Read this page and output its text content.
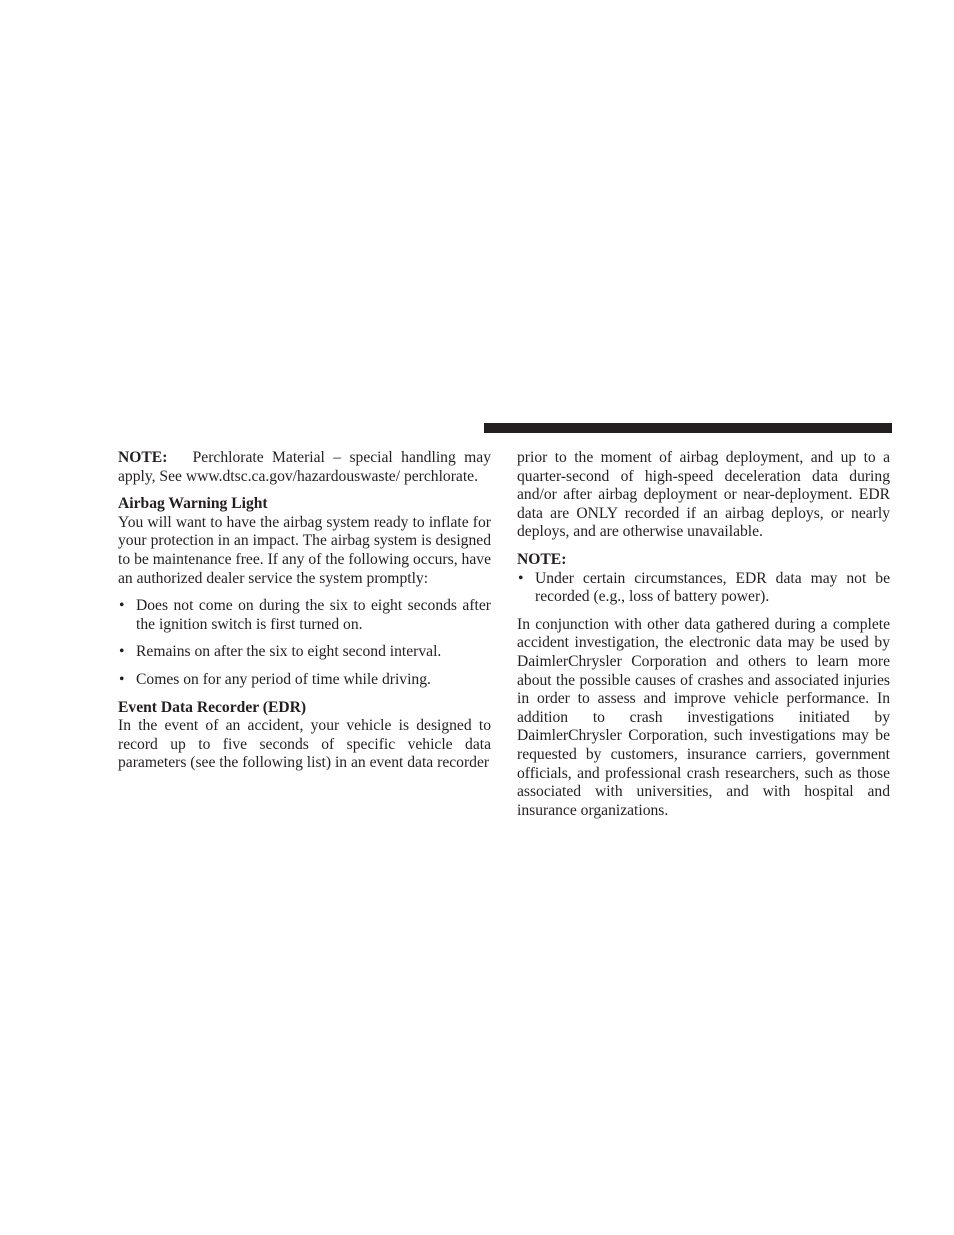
NOTE: Perchlorate Material – special handling may apply, See www.dtsc.ca.gov/hazardouswaste/ perchlorate.

Airbag Warning Light

You will want to have the airbag system ready to inflate for your protection in an impact. The airbag system is designed to be maintenance free. If any of the following occurs, have an authorized dealer service the system promptly:

• Does not come on during the six to eight seconds after the ignition switch is first turned on.
• Remains on after the six to eight second interval.
• Comes on for any period of time while driving.
Event Data Recorder (EDR)

In the event of an accident, your vehicle is designed to record up to five seconds of specific vehicle data parameters (see the following list) in an event data recorder

prior to the moment of airbag deployment, and up to a quarter-second of high-speed deceleration data during and/or after airbag deployment or near-deployment. EDR data are ONLY recorded if an airbag deploys, or nearly deploys, and are otherwise unavailable.

NOTE:
• Under certain circumstances, EDR data may not be recorded (e.g., loss of battery power).

In conjunction with other data gathered during a complete accident investigation, the electronic data may be used by DaimlerChrysler Corporation and others to learn more about the possible causes of crashes and associated injuries in order to assess and improve vehicle performance. In addition to crash investigations initiated by DaimlerChrysler Corporation, such investigations may be requested by customers, insurance carriers, government officials, and professional crash researchers, such as those associated with universities, and with hospital and insurance organizations.
